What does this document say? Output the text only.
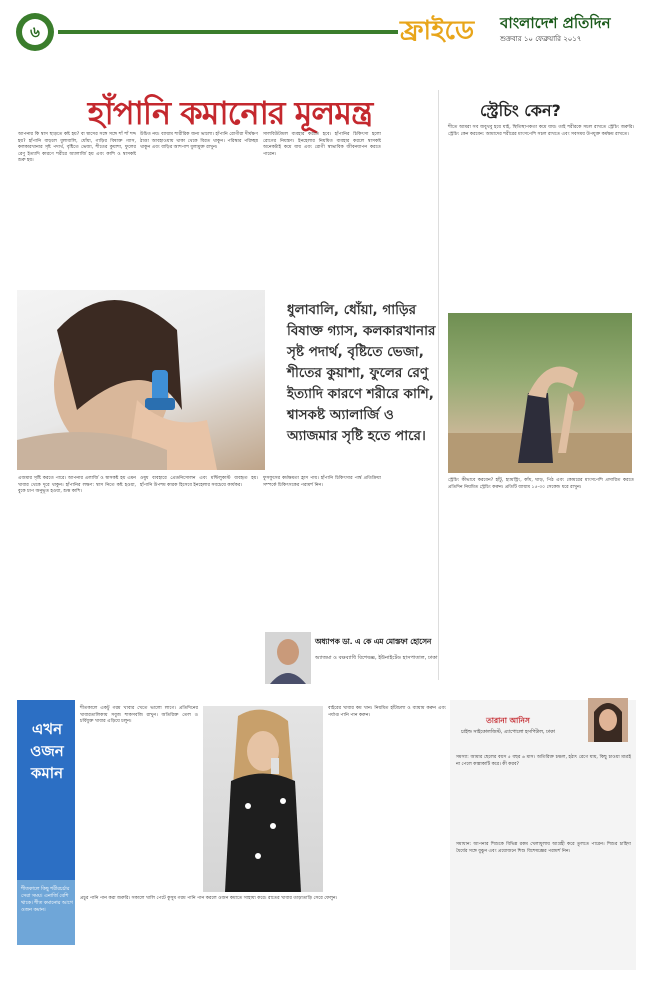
৬	ফ্রাইডে	বাংলাদেশ প্রতিদিন
শুক্রবার ১০ ফেব্রুয়ারি ২০১৭
হাঁপানি কমানোর মূলমন্ত্র
আপনার কি শ্বাস ছাড়তে কষ্ট হয়? বা শ্বাসের সঙ্গে সঙ্গে শাঁ শাঁ শব্দ হয়? হাঁপানি বাড়লে ধুলাবালি, ধোঁয়া, গাড়ির বিষাক্ত গ্যাস, কলকারখানার সৃষ্ট পদার্থ, বৃষ্টিতে ভেজা, শীতের কুয়াশা, ফুলের রেণু ইত্যাদি কারণে শরীরে অ্যালার্জি হয় এবং কাশি ও শ্বাসকষ্ট শুরু হয়।
উচিত নয়। ব্যায়াম শারীরিক জন্য ভালো। হাঁপানি রোগীরা দীর্ঘক্ষণ ঠাণ্ডা আবহাওয়ায় থাকা থেকে বিরত থাকুন। পরিষ্কার পরিচ্ছন্ন থাকুন এবং বাড়ির আশপাশ ধুলামুক্ত রাখুন।
সালবিউটামল ব্যবহার করতে হবে। হাঁপানির চিকিৎসা হলো রোগের নিয়ন্ত্রণ। ইনহেলার নিয়মিত ব্যবহার করলে শ্বাসকষ্ট অনেকটাই কমে যায় এবং রোগী স্বাভাবিক জীবনযাপন করতে পারেন।
ধুলাবালি, ধোঁয়া, গাড়ির বিষাক্ত গ্যাস, কলকারখানার সৃষ্ট পদার্থ, বৃষ্টিতে ভেজা, শীতের কুয়াশা, ফুলের রেণু ইত্যাদি কারণে শরীরে কাশি, শ্বাসকষ্ট অ্যালার্জি ও অ্যাজমার সৃষ্টি হতে পারে।
এজমার সৃষ্টি করতে পারে। আপনার এলার্জি ও শ্বাসকষ্ট হয় এমন খাবার থেকে দূরে থাকুন। হাঁপানির লক্ষণ: শ্বাস নিতে কষ্ট হওয়া, বুকে চাপ অনুভূত হওয়া, শুষ্ক কাশি।
ওষুধ ব্যবহারে প্রেডনিসোলন এবং মন্টিলুকাস্ট ব্যবহৃত হয়। হাঁপানি উপশম কারক হিসেবে ইনহেলার সবচেয়ে কার্যকর।
ফুসফুসের কর্মক্ষমতা হ্রাস পায়। হাঁপানি চিকিৎসার পার্শ্ব প্রতিক্রিয়া সম্পর্কে চিকিৎসকের পরামর্শ নিন।
অধ্যাপক ডা. এ কে এম মোস্তফা হোসেন
অ্যাজমা ও বক্ষব্যাধি বিশেষজ্ঞ, ইউনাইটেড হাসপাতাল, ঢাকা
স্ট্রেচিং কেন?
শীতে আমরা সব জবুথবু হয়ে যাই, স্থিতিস্থাপকতা কমে যায়। তাই শরীরকে সচল রাখতে স্ট্রেচিং জরুরি। স্ট্রেচিং কেন করবেন: আমাদের শরীরের মাংসপেশি সচল রাখতে এবং সবসময় উপযুক্ত কর্মক্ষম রাখতে।
স্ট্রেচিং কীভাবে করবেন? হাঁটু, হ্যামস্ট্রিং, কাঁধ, ঘাড়, পিঠ এবং কোমরের মাংসপেশি প্রসারিত করতে প্রতিদিন নিয়মিত স্ট্রেচিং করুন। প্রতিটি ব্যায়াম ১৫-৩০ সেকেন্ড ধরে রাখুন।
এখন ওজন কমান
শীতকালে কিছু শরীরচর্চার সেরা সময়। এনার্জি বেশি থাকে। শীত কমানোর আগে ওজন কমান।
শীতকালে একটু গরম খাবার খেতে ভালো লাগে। প্রতিদিনের খাবারতালিকায় সবুজ শাকসবজি রাখুন। অতিরিক্ত তেল ও চর্বিযুক্ত খাবার এড়িয়ে চলুন।
বাইরের খাবার কম খান। নিয়মিত হাঁটাচলা ও ব্যায়াম করুন এবং পর্যাপ্ত পানি পান করুন।
প্রচুর পানি পান করা জরুরি। সকালে খালি পেটে কুসুম গরম পানি পান করলে ওজন কমাতে সাহায্য করে। রাতের খাবার তাড়াতাড়ি সেরে ফেলুন।
তারানা আনিস
চাইল্ড সাইকোলজিস্ট, এ্যাপোলো হসপিটাল, ঢাকা
সমস্যা: আমার ছেলের বয়স ৫ বছর ৬ মাস। অতিরিক্ত চঞ্চল, হঠাৎ রেগে যায়, কিছু চাওয়া মাত্রই না পেলে কান্নাকাটি করে। কী করব?
সমাধান: আপনার শিশুকে বিভিন্ন রকম খেলাধুলায় আগ্রহী করে তুলতে পারেন। শিশুর চাহিদা ধৈর্যের সঙ্গে বুঝুন এবং প্রয়োজনে শিশু বিশেষজ্ঞের পরামর্শ নিন।
